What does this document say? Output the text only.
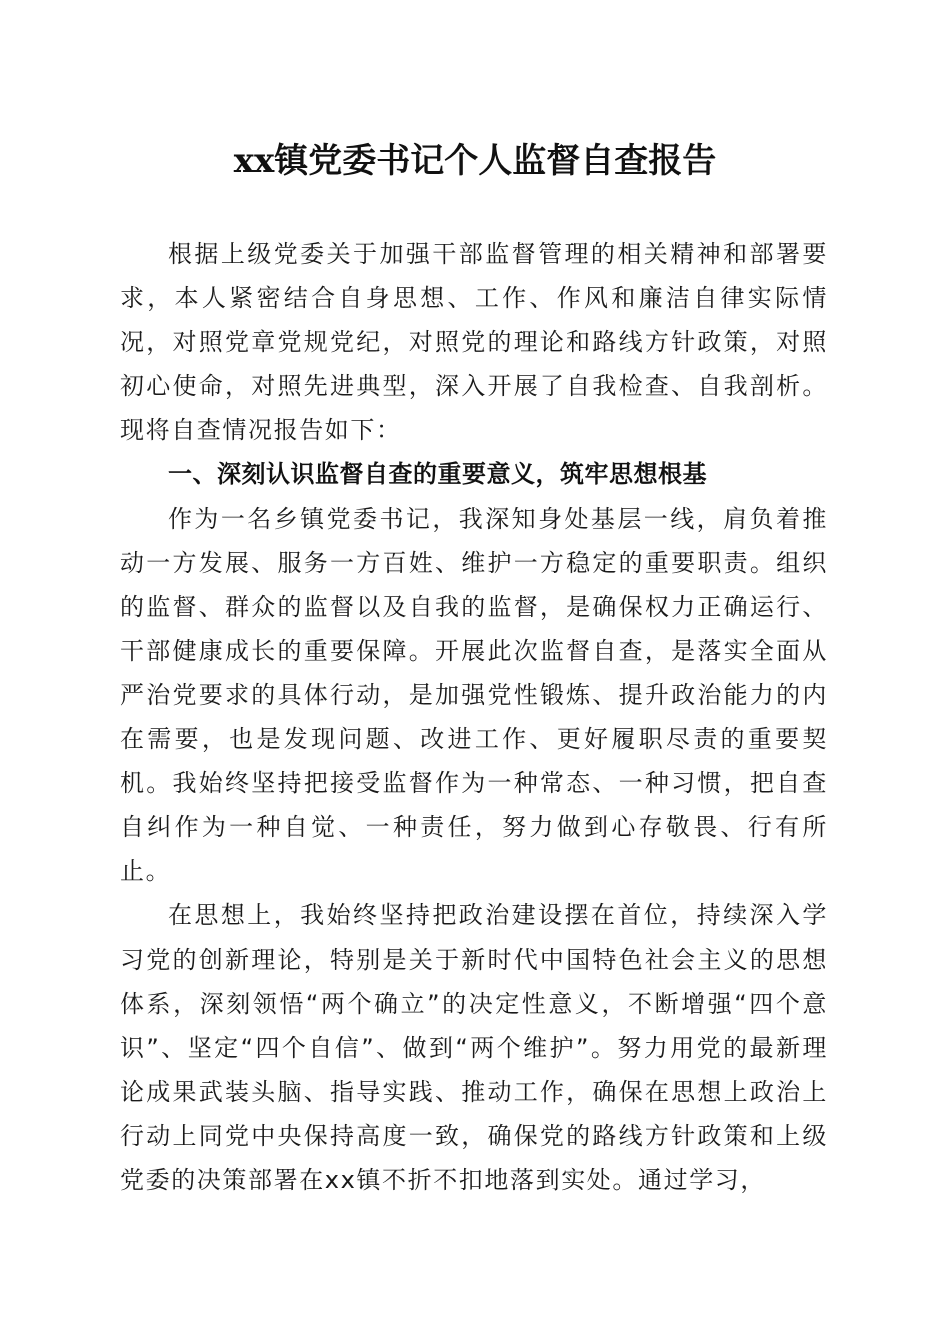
xx镇党委书记个人监督自查报告

根据上级党委关于加强干部监督管理的相关精神和部署要求，本人紧密结合自身思想、工作、作风和廉洁自律实际情况，对照党章党规党纪，对照党的理论和路线方针政策，对照初心使命，对照先进典型，深入开展了自我检查、自我剖析。现将自查情况报告如下：

一、深刻认识监督自查的重要意义，筑牢思想根基

作为一名乡镇党委书记，我深知身处基层一线，肩负着推动一方发展、服务一方百姓、维护一方稳定的重要职责。组织的监督、群众的监督以及自我的监督，是确保权力正确运行、干部健康成长的重要保障。开展此次监督自查，是落实全面从严治党要求的具体行动，是加强党性锻炼、提升政治能力的内在需要，也是发现问题、改进工作、更好履职尽责的重要契机。我始终坚持把接受监督作为一种常态、一种习惯，把自查自纠作为一种自觉、一种责任，努力做到心存敬畏、行有所止。

在思想上，我始终坚持把政治建设摆在首位，持续深入学习党的创新理论，特别是关于新时代中国特色社会主义的思想体系，深刻领悟“两个确立”的决定性意义，不断增强“四个意识”、坚定“四个自信”、做到“两个维护”。努力用党的最新理论成果武装头脑、指导实践、推动工作，确保在思想上政治上行动上同党中央保持高度一致，确保党的路线方针政策和上级党委的决策部署在xx镇不折不扣地落到实处。通过学习，
